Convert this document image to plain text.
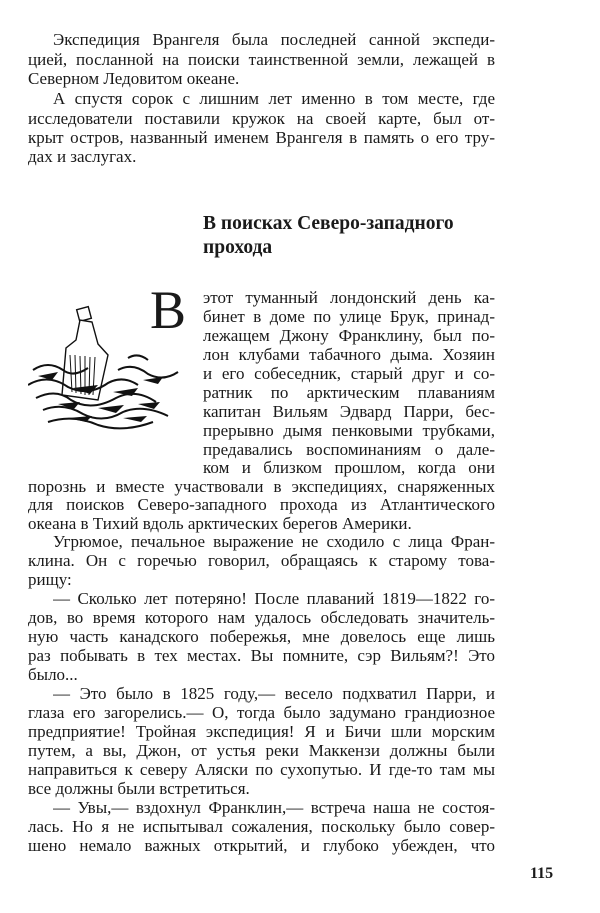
В поисках Северо-западного
прохода
В
Экспедиция Врангеля была последней санной экспеди-
цией, посланной на поиски таинственной земли, лежащей в
Северном Ледовитом океане.
А спустя сорок с лишним лет именно в том месте, где
исследователи поставили кружок на своей карте, был от-
крыт остров, названный именем Врангеля в память о его тру-
дах и заслугах.
этот туманный лондонский день ка-
бинет в доме по улице Брук, принад-
лежащем Джону Франклину, был по-
лон клубами табачного дыма. Хозяин
и его собеседник, старый друг и со-
ратник по арктическим плаваниям
капитан Вильям Эдвард Парри, бес-
прерывно дымя пенковыми трубками,
предавались воспоминаниям о дале-
ком и близком прошлом, когда они
порознь и вместе участвовали в экспедициях, снаряженных
для поисков Северо-западного прохода из Атлантического
океана в Тихий вдоль арктических берегов Америки.
Угрюмое, печальное выражение не сходило с лица Фран-
клина. Он с горечью говорил, обращаясь к старому това-
рищу:
— Сколько лет потеряно! После плаваний 1819—1822 го-
дов, во время которого нам удалось обследовать значитель-
ную часть канадского побережья, мне довелось еще лишь
раз побывать в тех местах. Вы помните, сэр Вильям?! Это
было...
— Это было в 1825 году,— весело подхватил Парри, и
глаза его загорелись.— О, тогда было задумано грандиозное
предприятие! Тройная экспедиция! Я и Бичи шли морским
путем, а вы, Джон, от устья реки Маккензи должны были
направиться к северу Аляски по сухопутью. И где-то там мы
все должны были встретиться.
— Увы,— вздохнул Франклин,— встреча наша не состоя-
лась. Но я не испытывал сожаления, поскольку было совер-
шено немало важных открытий, и глубоко убежден, что
115
